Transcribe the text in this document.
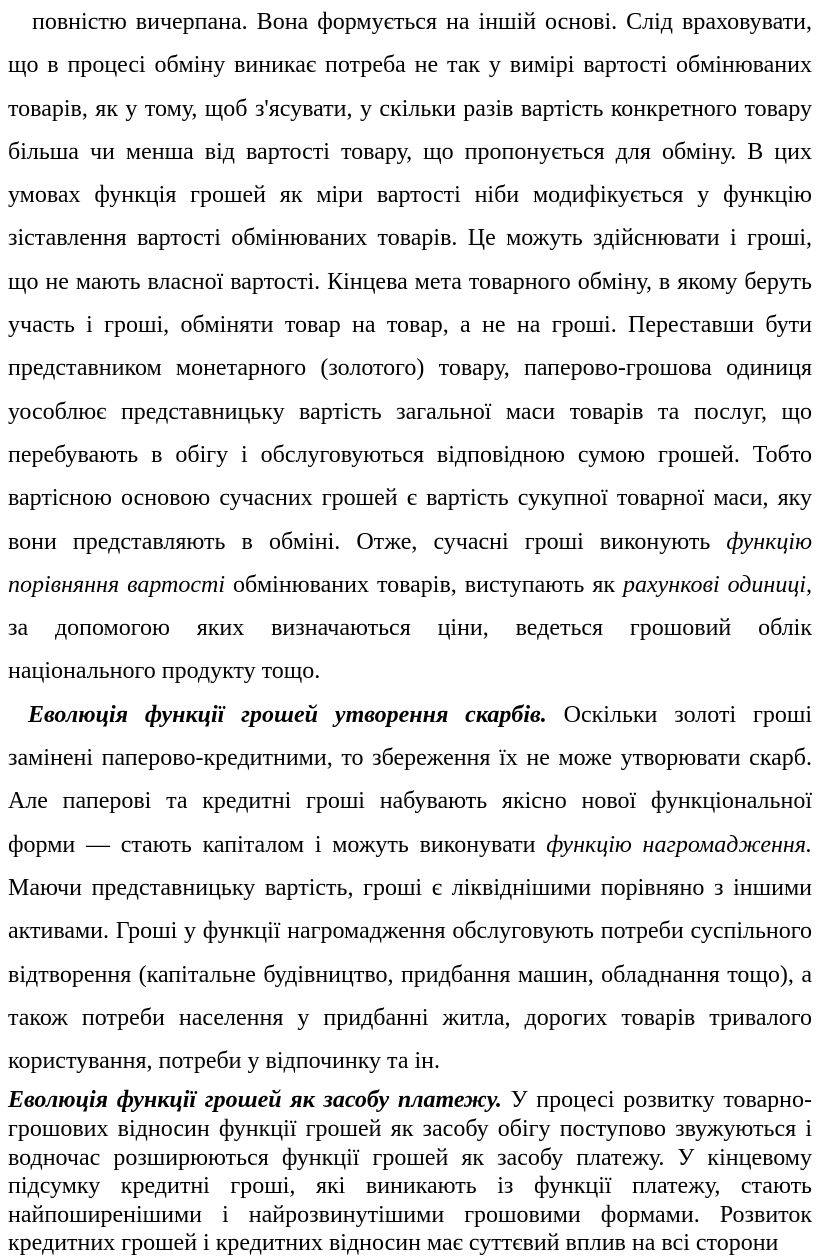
повністю вичерпана. Вона формується на іншій основі. Слід враховувати, що в процесі обміну виникає потреба не так у вимірі вартості обмінюваних товарів, як у тому, щоб з'ясувати, у скільки разів вартість конкретного товару більша чи менша від вартості товару, що пропонується для обміну. В цих умовах функція грошей як міри вартості ніби модифікується у функцію зіставлення вартості обмінюваних товарів. Це можуть здійснювати і гроші, що не мають власної вартості. Кінцева мета товарного обміну, в якому беруть участь і гроші, обміняти товар на товар, а не на гроші. Переставши бути представником монетарного (золотого) товару, паперово-грошова одиниця уособлює представницьку вартість загальної маси товарів та послуг, що перебувають в обігу і обслуговуються відповідною сумою грошей. Тобто вартісною основою сучасних грошей є вартість сукупної товарної маси, яку вони представляють в обміні. Отже, сучасні гроші виконують функцію порівняння вартості обмінюваних товарів, виступають як рахункові одиниці, за допомогою яких визначаються ціни, ведеться грошовий облік національного продукту тощо.

Еволюція функції грошей утворення скарбів. Оскільки золоті гроші замінені паперово-кредитними, то збереження їх не може утворювати скарб. Але паперові та кредитні гроші набувають якісно нової функціональної форми — стають капіталом і можуть виконувати функцію нагромадження. Маючи представницьку вартість, гроші є ліквіднішими порівняно з іншими активами. Гроші у функції нагромадження обслуговують потреби суспільного відтворення (капітальне будівництво, придбання машин, обладнання тощо), а також потреби населення у придбанні житла, дорогих товарів тривалого користування, потреби у відпочинку та ін.

Еволюція функції грошей як засобу платежу. У процесі розвитку товарно-грошових відносин функції грошей як засобу обігу поступово звужуються і водночас розширюються функції грошей як засобу платежу. У кінцевому підсумку кредитні гроші, які виникають із функції платежу, стають найпоширенішими і найрозвинутішими грошовими формами. Розвиток кредитних грошей і кредитних відносин має суттєвий вплив на всі сторони
